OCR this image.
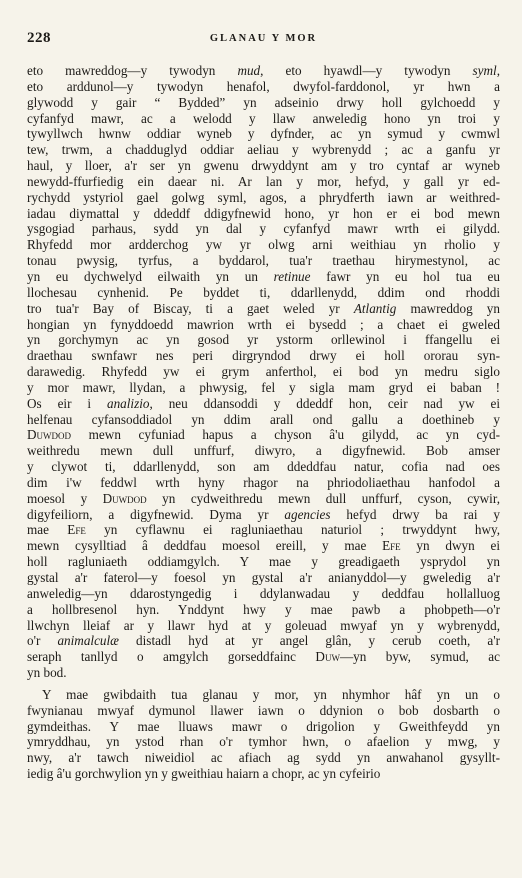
228	GLANAU Y MOR
eto mawreddog—y tywodyn mud, eto hyawdl—y tywodyn syml,
eto arddunol—y tywodyn henafol, dwyfol-farddonol, yr hwn a
glywodd y gair “ Bydded” yn adseinio drwy holl gylchoedd y
cyfanfyd mawr, ac a welodd y llaw anweledig hono yn troi y
tywyllwch hwnw oddiar wyneb y dyfnder, ac yn symud y cwmwl
tew, trwm, a chadduglyd oddiar aeliau y wybrenydd ; ac a ganfu yr
haul, y lloer, a'r ser yn gwenu drwyddynt am y tro cyntaf ar wyneb
newydd-ffurfiedig ein daear ni. Ar lan y mor, hefyd, y gall yr ed-
rychydd ystyriol gael golwg syml, agos, a phrydferth iawn ar weithred-
iadau diymattal y ddeddf ddigyfnewid hono, yr hon er ei bod mewn
ysgogiad parhaus, sydd yn dal y cyfanfyd mawr wrth ei gilydd.
Rhyfedd mor ardderchog yw yr olwg arni weithiau yn rholio y
tonau pwysig, tyrfus, a byddarol, tua'r traethau hirymestynol, ac
yn eu dychwelyd eilwaith yn un retinue fawr yn eu hol tua eu
llochesau cynhenid. Pe byddet ti, ddarllenydd, ddim ond rhoddi
tro tua'r Bay of Biscay, ti a gaet weled yr Atlantig mawreddog yn
hongian yn fynyddoedd mawrion wrth ei bysedd ; a chaet ei gweled
yn gorchymyn ac yn gosod yr ystorm orllewinol i ffangellu ei
draethau swnfawr nes peri dirgryndod drwy ei holl ororau syn-
darawedig. Rhyfedd yw ei grym anferthol, ei bod yn medru siglo
y mor mawr, llydan, a phwysig, fel y sigla mam gryd ei baban !
Os eir i analizio, neu ddansoddi y ddeddf hon, ceir nad yw ei
helfenau cyfansoddiadol yn ddim arall ond gallu a doethineb y
Duwdod mewn cyfuniad hapus a chyson â'u gilydd, ac yn cyd-
weithredu mewn dull unffurf, diwyro, a digyfnewid. Bob amser
y clywot ti, ddarllenydd, son am ddeddfau natur, cofia nad oes
dim i'w feddwl wrth hyny rhagor na phriodoliaethau hanfodol a
moesol y Duwdod yn cydweithredu mewn dull unffurf, cyson, cywir,
digyfeiliorn, a digyfnewid. Dyma yr agencies hefyd drwy ba rai y
mae Efe yn cyflawnu ei ragluniaethau naturiol ; trwyddynt hwy,
mewn cysylltiad â deddfau moesol ereill, y mae Efe yn dwyn ei
holl ragluniaeth oddiamgylch. Y mae y greadigaeth ysprydol yn
gystal a'r faterol—y foesol yn gystal a'r anianyddol—y gweledig a'r
anweledig—yn ddarostyngedig i ddylanwadau y deddfau hollalluog
a hollbresenol hyn. Ynddynt hwy y mae pawb a phobpeth—o'r
llwchyn lleiaf ar y llawr hyd at y goleuad mwyaf yn y wybrenydd,
o'r animalculæ distadl hyd at yr angel glân, y cerub coeth, a'r
seraph tanllyd o amgylch gorseddfainc Duw—yn byw, symud, ac
yn bod.
Y mae gwibdaith tua glanau y mor, yn nhymhor hâf yn un o
fwynianau mwyaf dymunol llawer iawn o ddynion o bob dosbarth o
gymdeithas. Y mae lluaws mawr o drigolion y Gweithfeydd yn
ymryddhau, yn ystod rhan o'r tymhor hwn, o afaelion y mwg, y
nwy, a'r tawch niweidiol ac afiach ag sydd yn anwahanol gysyllt-
iedig â'u gorchwylion yn y gweithiau haiarn a chopr, ac yn cyfeirio
